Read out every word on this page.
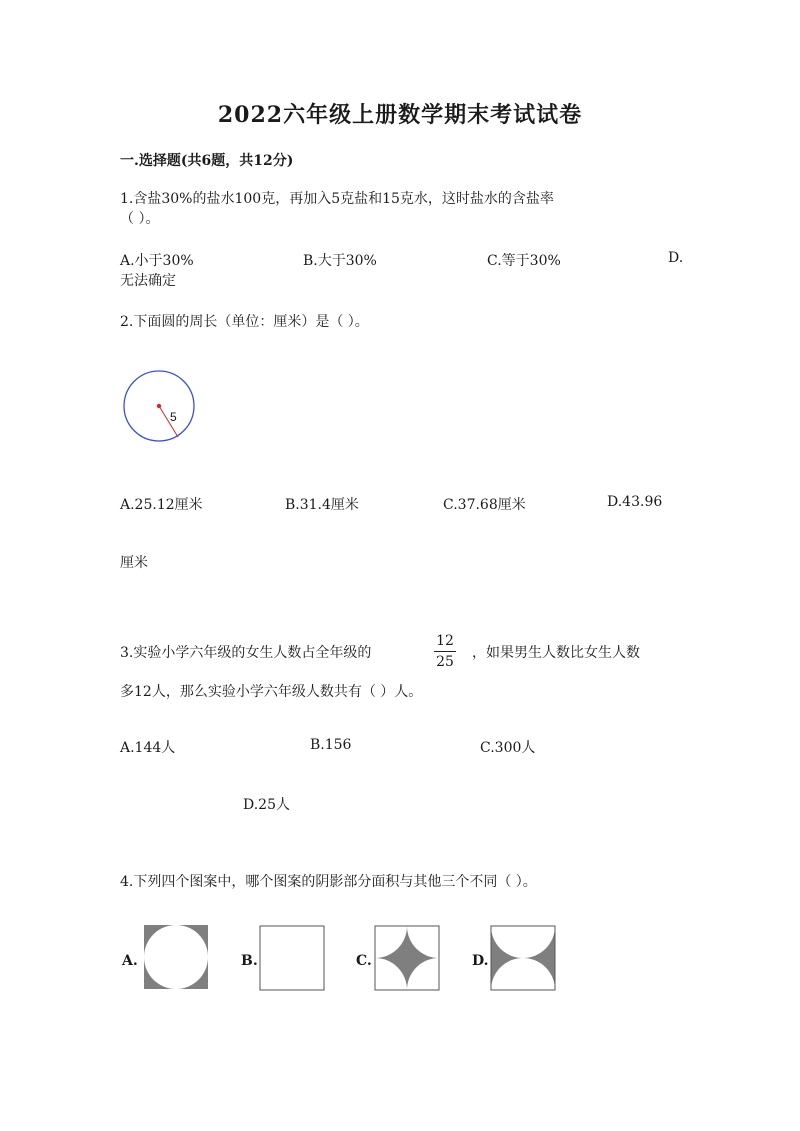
2022六年级上册数学期末考试试卷
一.选择题(共6题，共12分)
1.含盐30%的盐水100克，再加入5克盐和15克水，这时盐水的含盐率
（ ）。
A.小于30%	B.大于30%	C.等于30%	D.
无法确定
2.下面圆的周长（单位：厘米）是（ ）。
5
A.25.12厘米	B.31.4厘米	C.37.68厘米	D.43.96
厘米
3.实验小学六年级的女生人数占全年级的
12
25
，如果男生人数比女生人数
多12人，那么实验小学六年级人数共有（ ）人。
A.144人	B.156	C.300人
D.25人
4.下列四个图案中，哪个图案的阴影部分面积与其他三个不同（ ）。
A.	B.	C.	D.
